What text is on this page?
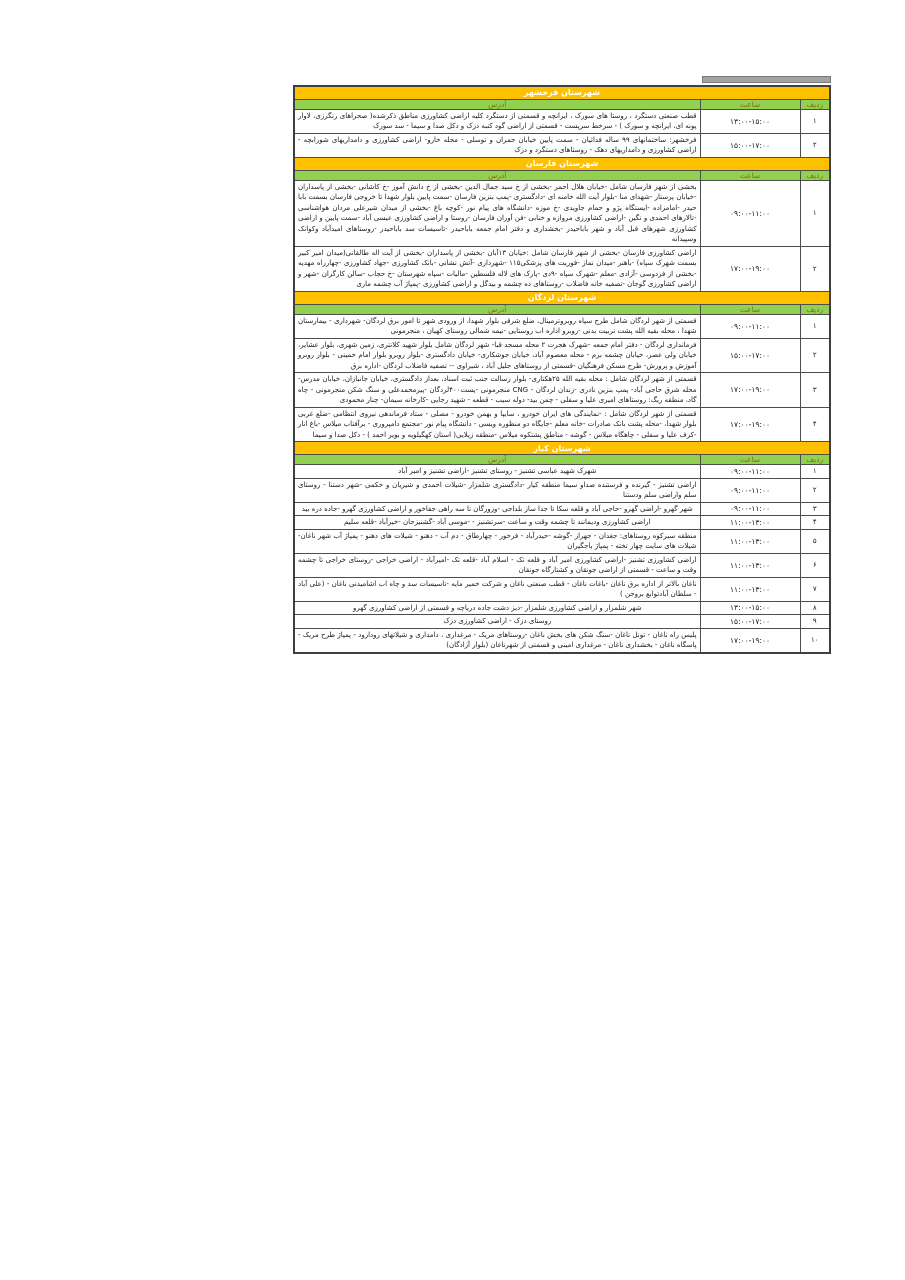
شهرستان فرخشهر		
ردیف	ساعت	آدرس
۱	۱۳:۰۰-۱۵:۰۰	قطب صنعتی دستگرد ، روستا های سورک ، ایرانچه و قسمتی از دستگرد کلیه اراضی کشاورزی مناطق ذکرشده( صحراهای رنگرزی، لاوار پونه ای، ایرانچه و سورک ) - سرخط سرپست - قسمتی از اراضی گود کنبه دزک و دکل صدا و سیما - سد سورک
۲	۱۵:۰۰-۱۷:۰۰	فرخشهر: ساختمانهای ۹۹ ساله فدائیان - سمت پایین خیابان جمران و توسلی - محله خارو- اراضی کشاورزی و دامداریهای شورابچه - اراضی کشاورزی و دامداریهای دهک - روستاهای دستگرد و دزک
شهرستان فارسان		
ردیف	ساعت	آدرس
۱	۰۹:۰۰-۱۱:۰۰	بخشی از شهر فارسان شامل -خیابان هلال احمر -بخشی از خ سید جمال الدین -بخشی از خ دانش آموز -خ کاشانی -بخشی از پاسداران -خیابان پرستار -شهدای منا -بلوار آیت الله خامنه ای -دادگستری -پمپ بنزین فارسان -سمت پایین بلوار شهدا تا خروجی فارسان بسمت بابا حیدر -امامزاده -ایستگاه پژو و حمام جاویدی -خ موزه -دانشگاه های پیام نور -کوچه باغ -بخشی از میدان شیرعلی مردان هواشناسی -تالارهای احمدی و نگین -اراضی کشاورزی مروازه و خنابی -فن آوران فارسان -روستا و اراضی کشاورزی عیسی آباد -سمت پایین و اراضی کشاورزی شهرهای قبل آباد و شهر باباحیدر -بخشداری و دفتر امام جمعه باباحیدر -تاسیسات سد باباحیدر -روستاهای امیدآباد وکوانک وسپیدانه
۲	۱۷:۰۰-۱۹:۰۰	اراضی کشاورزی فارسان -بخشی از شهر فارسان شامل :خیابان ۱۳آبان -بخشی از پاسداران -بخشی از آیت اله طالقانی(میدان امیر کبیر بسمت شهرک سپاه) -باهنر -میدان نماز -فوریت های پزشکی۱۱۵ -شهرداری -آتش نشانی -بانک کشاورزی -جهاد کشاورزی -چهارراه مهدیه -بخشی از فردوسی -آزادی -معلم -شهرک سپاه -۹دی -پارک های لاله فلسطین -مالیات -سپاه شهرستان -خ حجاب -سالن کارگران -شهر و اراضی کشاورزی گوجان -تصفیه خانه فاضلاب -روستاهای ده چشمه و بیدگل و اراضی کشاورزی -پمپاژ آب چشمه ماری
شهرستان لردگان		
ردیف	ساعت	آدرس
۱	۰۹:۰۰-۱۱:۰۰	قسمتی از شهر لردگان شامل طرح سپاه روبروترمینال، ضلع شرقی بلوار شهدا، از ورودی شهر تا امور برق لردگان- شهرداری - بیمارستان شهدا ، محله بقیه الله پشت تربیت بدنی -روبرو اداره اب روستایی -نیمه شمالی روستای کهیان ، منجرمونی
۲	۱۵:۰۰-۱۷:۰۰	فرمانداری لردگان - دفتر امام جمعه -شهرک هجرت ۲ محله مسجد قبا- شهر لردگان شامل بلوار شهید کلانتری، زمین شهری، بلوار عشایر، خیابان ولی عصر، خیابان چشمه برم - محله معصوم آباد، خیابان جوشکاری- خیابان دادگستری -بلوار روبرو بلوار امام خمینی - بلوار روبرو آموزش و پرورش- طرح مسکن فرهنگیان -قسمتی از روستاهای جلیل آباد ، شیراوی -- تصفیه فاضلاب لردگان -اداره برق
۳	۱۷:۰۰-۱۹:۰۰	قسمتی از شهر لردگان شامل : محله بقیه الله ۲۵هکتاری- بلوار رسالت جنب ثبت اسناد، بعداز دادگستری، خیابان جانبازان، خیابان مدرس- محله شرق حاجی آباد- پمپ بنزین نادری -زندان لردگان - CNG منجرمونی -پست۴۰۰لردگان -پیرمحمدعلی و سنگ شکن منجرمونی - چاه گاد، منطقه ریگ: روستاهای امیری علیا و سفلی - چمن بید- دوله سیب - قطعه - شهید رجایی -کارخانه سیمان- چنار محمودی
۴	۱۷:۰۰-۱۹:۰۰	قسمتی از شهر لردگان شامل : -نمایندگی های ایران خودرو ، سایپا و بهمن خودرو - مصلی - ستاد فرماندهی نیروی انتظامی -ضلع غربی بلوار شهدا، -محله پشت بانک صادرات -خانه معلم -جایگاه دو منظوره ویسی - دانشگاه پیام نور -مجتمع دامپروری - برآفتاب میلاس -باغ انار -کرف علیا و سفلی - چاهگاه میلاس - گوشه - مناطق پشتکوه میلاس -منطقه زیلایی( استان کهگیلویه و بویر احمد ) - دکل صدا و سیما
شهرستان کیار		
ردیف	ساعت	آدرس
۱	۰۹:۰۰-۱۱:۰۰	شهرک شهید عباسی تشنیز - روستای تشنیز -اراضی تشنیز و امیر آباد
۲	۰۹:۰۰-۱۱:۰۰	اراضی تشنیز - گیرنده و فرستنده صداو سیما منطقه کیار -دادگستری شلمزار -شیلات احمدی و شیریان و حکمی -شهر دستنا - روستای سلم واراضی سلم ودستنا
۳	۰۹:۰۰-۱۱:۰۰	شهر گهرو -اراضی گهرو -حاجی آباد و قلعه سکا تا جدا ساز بلداجی -وزورگان تا سه راهی جفاخور و اراضی کشاورزی گهرو -جاده دره بید
۴	۱۱:۰۰-۱۳:۰۰	اراضی کشاورزی ودیمانند تا چشمه وقت و ساعت -سرتشنیز - -موسی آباد -گشنیزجان -خیرآباد -قلعه سلیم
۵	۱۱:۰۰-۱۳:۰۰	منطقه سبزکوه روستاهای: جغدان - جهراز -گوشه -حیدرآباد - فرخور - چهارطاق - دم آب - دهنو - شیلات های دهنو - پمپاژ آب شهر ناغان- شیلات های سایت چهار تخته - پمپاژ باجگیران
۶	۱۱:۰۰-۱۳:۰۰	اراضی کشاورزی تشنیز -اراضی کشاورزی امیر آباد و قلعه تک - اسلام آباد -قلعه تک -امیرآباد - اراضی خراجی -روستای خراجی تا چشمه وقت و ساعت - قسمتی از اراضی جونقان و کشتارگاه جونقان
۷	۱۱:۰۰-۱۳:۰۰	ناغان بالاتر از اداره برق ناغان -باغات ناغان - قطب صنعتی ناغان و شرکت خمیر مایه -تاسیسات سد و چاه اب اشامیدنی ناغان - (علی آباد - سلطان آبادتوابع بروجن )
۸	۱۳:۰۰-۱۵:۰۰	شهر شلمزار و اراضی کشاورزی شلمزار -دیز دشت جاده دریاچه و قسمتی از اراضی کشاورزی گهرو
۹	۱۵:۰۰-۱۷:۰۰	روستای دزک - اراضی کشاورزی دزک
۱۰	۱۷:۰۰-۱۹:۰۰	پلیس راه ناغان - تونل ناغان -سنگ شکن های بخش ناغان -روستاهای مریک - مرغداری ، دامداری و شیلاتهای رودارود - پمپاژ طرح مریک - پاسگاه ناغان - بخشداری ناغان - مرغداری امینی و قسمتی از شهرناغان (بلوار آزادگان)
